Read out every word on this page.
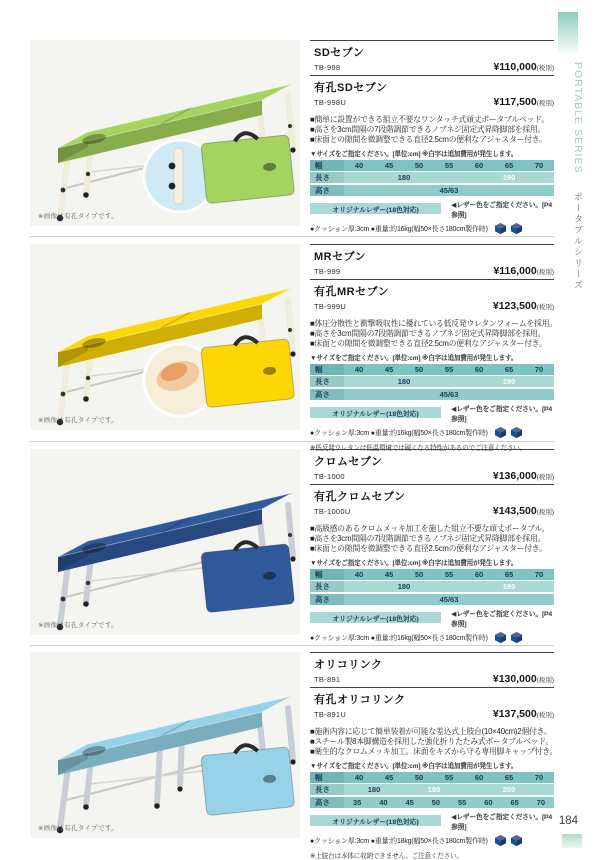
※画像は有孔タイプです。
SDセブン
TB-998	¥110,000(税別)
有孔SDセブン
TB-998U	¥117,500(税別)
■簡単に設置ができる組立不要なワンタッチ式頑丈ポータブルベッド。
■高さを3cm間隔の7段階調節できるノブネジ固定式昇降脚部を採用。
■床面との隙間を微調整できる直径2.5cmの便利なアジャスター付き。
▼サイズをご指定ください。[単位:cm] ※白字は追加費用が発生します。
幅	40	45	50	55	60	65	70
長さ	180	190
高さ	45/63
オリジナルレザー(18色対応)
◀レザー色をご指定ください。[P4参照]
●クッション厚:3cm ●重量:約16kg(幅50×長さ180cm製作時)
※画像は有孔タイプです。
MRセブン
TB-999	¥116,000(税別)
有孔MRセブン
TB-999U	¥123,500(税別)
■体圧分散性と衝撃吸収性に優れている低反発ウレタンフォームを採用。
■高さを3cm間隔の7段階調節できるノブネジ固定式昇降脚部を採用。
■床面との隙間を微調整できる直径2.5cmの便利なアジャスター付き。
▼サイズをご指定ください。[単位:cm] ※白字は追加費用が発生します。
幅	40	45	50	55	60	65	70
長さ	180	190
高さ	45/63
オリジナルレザー(18色対応)
◀レザー色をご指定ください。[P4参照]
●クッション厚:3cm ●重量:約16kg(幅50×長さ180cm製作時)
※低反発ウレタンは低温環境では硬くなる特性があるのでご注意ください。
※画像は有孔タイプです。
クロムセブン
TB-1000	¥136,000(税別)
有孔クロムセブン
TB-1000U	¥143,500(税別)
■高級感のあるクロムメッキ加工を施した組立不要な頑丈ポータブル。
■高さを3cm間隔の7段階調節できるノブネジ固定式昇降脚部を採用。
■床面との隙間を微調整できる直径2.5cmの便利なアジャスター付き。
▼サイズをご指定ください。[単位:cm] ※白字は追加費用が発生します。
幅	40	45	50	55	60	65	70
長さ	180	190
高さ	45/63
オリジナルレザー(18色対応)
◀レザー色をご指定ください。[P4参照]
●クッション厚:3cm ●重量:約16kg(幅50×長さ180cm製作時)
※画像は有孔タイプです。
オリコリンク
TB-891	¥130,000(税別)
有孔オリコリンク
TB-891U	¥137,500(税別)
■施術内容に応じて簡単装着が可能な差込式上肢台(10×40cm)2個付き。
■スチール製8本脚構造を採用した強化折りたたみ式ポータブルベッド。
■衛生的なクロムメッキ加工。床面をキズから守る専用脚キャップ付き。
▼サイズをご指定ください。[単位:cm] ※白字は追加費用が発生します。
幅	40	45	50	55	60	65	70
長さ	180	190	200
高さ	35	40	45	50	55	60	65	70
オリジナルレザー(18色対応)
◀レザー色をご指定ください。[P4参照]
●クッション厚:3cm ●重量:約18kg(幅50×長さ180cm製作時)
※上肢台は本体に収納できません。ご注意ください。
PORTABLE SERIES ポータブルシリーズ
184
